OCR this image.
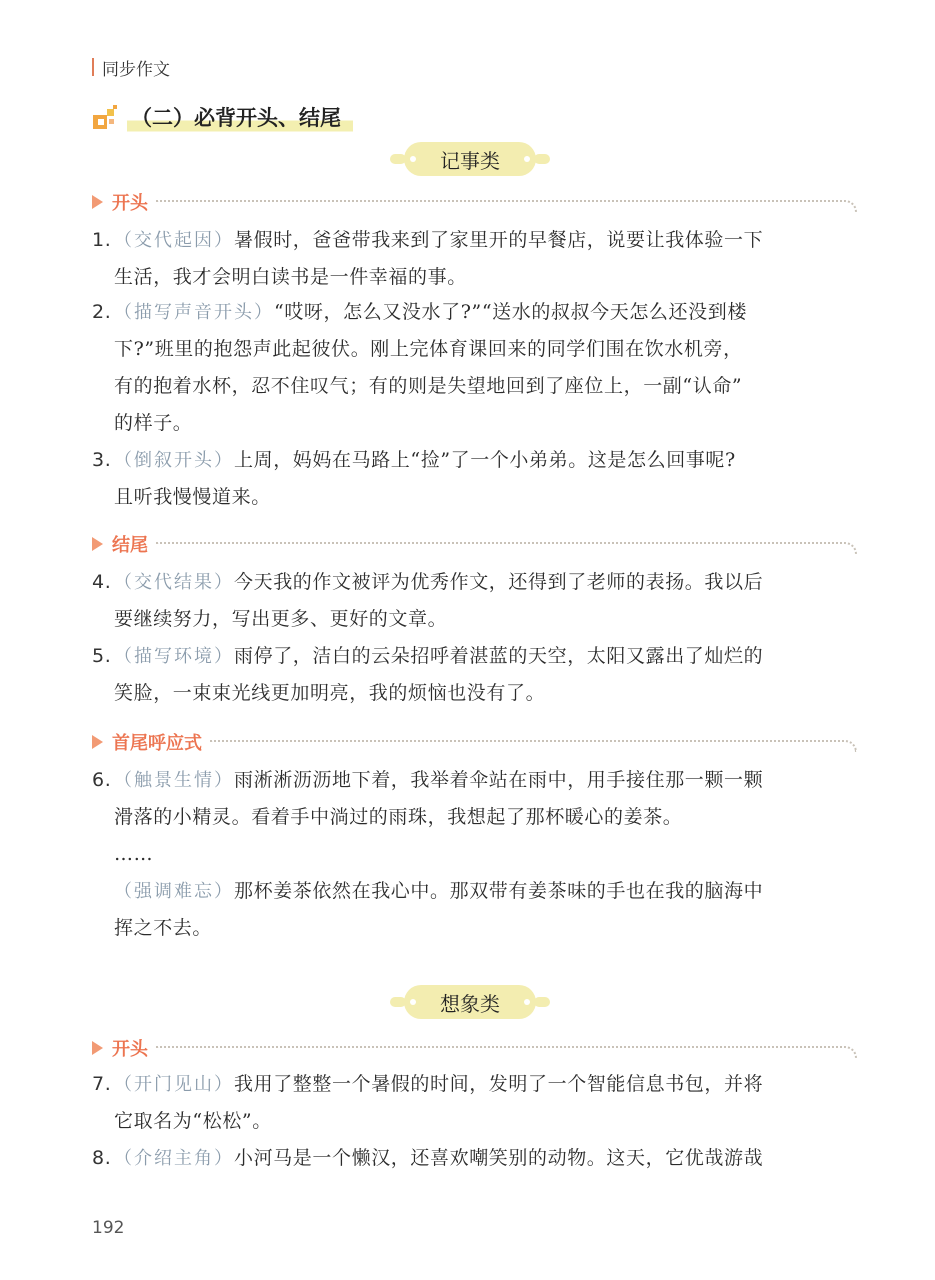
同步作文
（二）必背开头、结尾
记事类
开头
1. （交代起因）暑假时，爸爸带我来到了家里开的早餐店，说要让我体验一下
生活，我才会明白读书是一件幸福的事。
2. （描写声音开头）“哎呀，怎么又没水了?”“送水的叔叔今天怎么还没到楼
下?”班里的抱怨声此起彼伏。刚上完体育课回来的同学们围在饮水机旁，
有的抱着水杯，忍不住叹气；有的则是失望地回到了座位上，一副“认命”
的样子。
3. （倒叙开头）上周，妈妈在马路上“捡”了一个小弟弟。这是怎么回事呢?
且听我慢慢道来。
结尾
4. （交代结果）今天我的作文被评为优秀作文，还得到了老师的表扬。我以后
要继续努力，写出更多、更好的文章。
5. （描写环境）雨停了，洁白的云朵招呼着湛蓝的天空，太阳又露出了灿烂的
笑脸，一束束光线更加明亮，我的烦恼也没有了。
首尾呼应式
6. （触景生情）雨淅淅沥沥地下着，我举着伞站在雨中，用手接住那一颗一颗
滑落的小精灵。看着手中淌过的雨珠，我想起了那杯暖心的姜茶。
……
（强调难忘）那杯姜茶依然在我心中。那双带有姜茶味的手也在我的脑海中
挥之不去。
想象类
开头
7. （开门见山）我用了整整一个暑假的时间，发明了一个智能信息书包，并将
它取名为“松松”。
8. （介绍主角）小河马是一个懒汉，还喜欢嘲笑别的动物。这天，它优哉游哉
192
